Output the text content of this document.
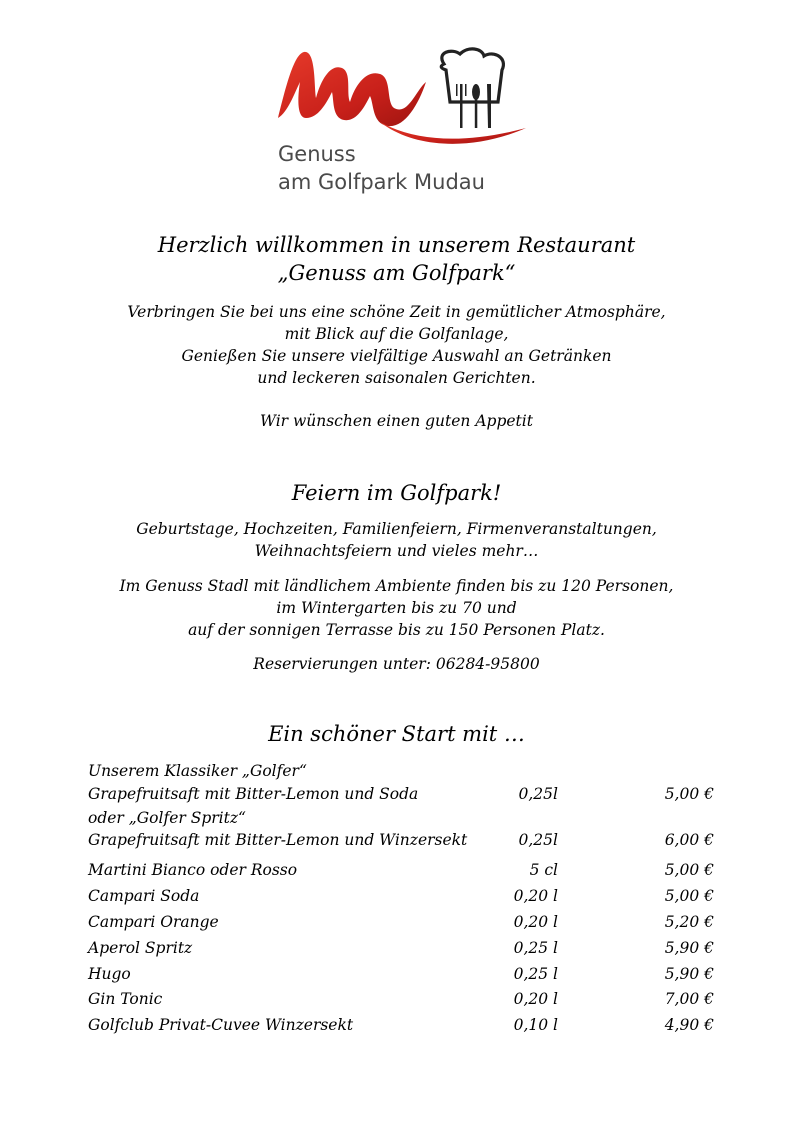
Genuss
am Golfpark Mudau
Herzlich willkommen in unserem Restaurant
„Genuss am Golfpark“
Verbringen Sie bei uns eine schöne Zeit in gemütlicher Atmosphäre,
mit Blick auf die Golfanlage,
Genießen Sie unsere vielfältige Auswahl an Getränken
und leckeren saisonalen Gerichten.
Wir wünschen einen guten Appetit
Feiern im Golfpark!
Geburtstage, Hochzeiten, Familienfeiern, Firmenveranstaltungen,
Weihnachtsfeiern und vieles mehr…
Im Genuss Stadl mit ländlichem Ambiente finden bis zu 120 Personen,
im Wintergarten bis zu 70 und
auf der sonnigen Terrasse bis zu 150 Personen Platz.
Reservierungen unter: 06284-95800
Ein schöner Start mit …
Unserem Klassiker „Golfer“
Grapefruitsaft mit Bitter-Lemon und Soda	0,25l	5,00 €
oder „Golfer Spritz“
Grapefruitsaft mit Bitter-Lemon und Winzersekt	0,25l	6,00 €
Martini Bianco oder Rosso	5 cl	5,00 €
Campari Soda	0,20 l	5,00 €
Campari Orange	0,20 l	5,20 €
Aperol Spritz	0,25 l	5,90 €
Hugo	0,25 l	5,90 €
Gin Tonic	0,20 l	7,00 €
Golfclub Privat-Cuvee Winzersekt	0,10 l	4,90 €
